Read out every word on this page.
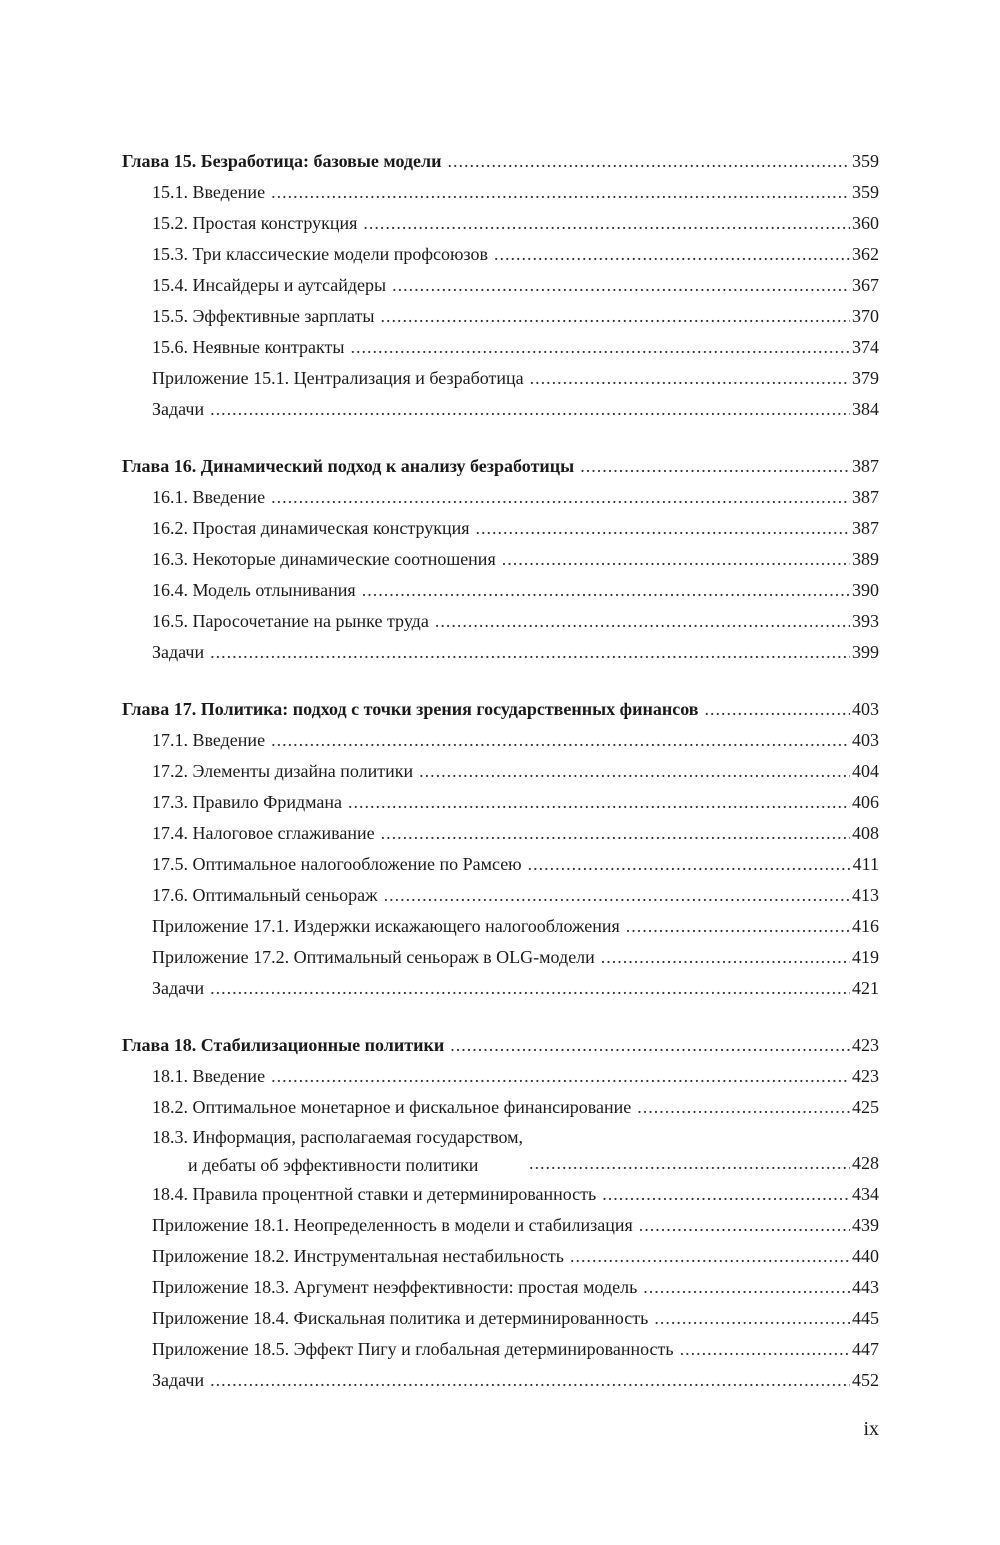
Глава 15. Безработица: базовые модели .....	359
15.1. Введение .....	359
15.2. Простая конструкция .....	360
15.3. Три классические модели профсоюзов .....	362
15.4. Инсайдеры и аутсайдеры .....	367
15.5. Эффективные зарплаты .....	370
15.6. Неявные контракты .....	374
Приложение 15.1. Централизация и безработица .....	379
Задачи .....	384
Глава 16. Динамический подход к анализу безработицы .....	387
16.1. Введение .....	387
16.2. Простая динамическая конструкция .....	387
16.3. Некоторые динамические соотношения .....	389
16.4. Модель отлынивания .....	390
16.5. Паросочетание на рынке труда .....	393
Задачи .....	399
Глава 17. Политика: подход с точки зрения государственных финансов .....	403
17.1. Введение .....	403
17.2. Элементы дизайна политики .....	404
17.3. Правило Фридмана .....	406
17.4. Налоговое сглаживание .....	408
17.5. Оптимальное налогообложение по Рамсею .....	411
17.6. Оптимальный сеньораж .....	413
Приложение 17.1. Издержки искажающего налогообложения .....	416
Приложение 17.2. Оптимальный сеньораж в OLG-модели .....	419
Задачи .....	421
Глава 18. Стабилизационные политики .....	423
18.1. Введение .....	423
18.2. Оптимальное монетарное и фискальное финансирование .....	425
18.3. Информация, располагаемая государством,
и дебаты об эффективности политики .....	428
18.4. Правила процентной ставки и детерминированность .....	434
Приложение 18.1. Неопределенность в модели и стабилизация .....	439
Приложение 18.2. Инструментальная нестабильность .....	440
Приложение 18.3. Аргумент неэффективности: простая модель .....	443
Приложение 18.4. Фискальная политика и детерминированность .....	445
Приложение 18.5. Эффект Пигу и глобальная детерминированность .....	447
Задачи .....	452
ix
